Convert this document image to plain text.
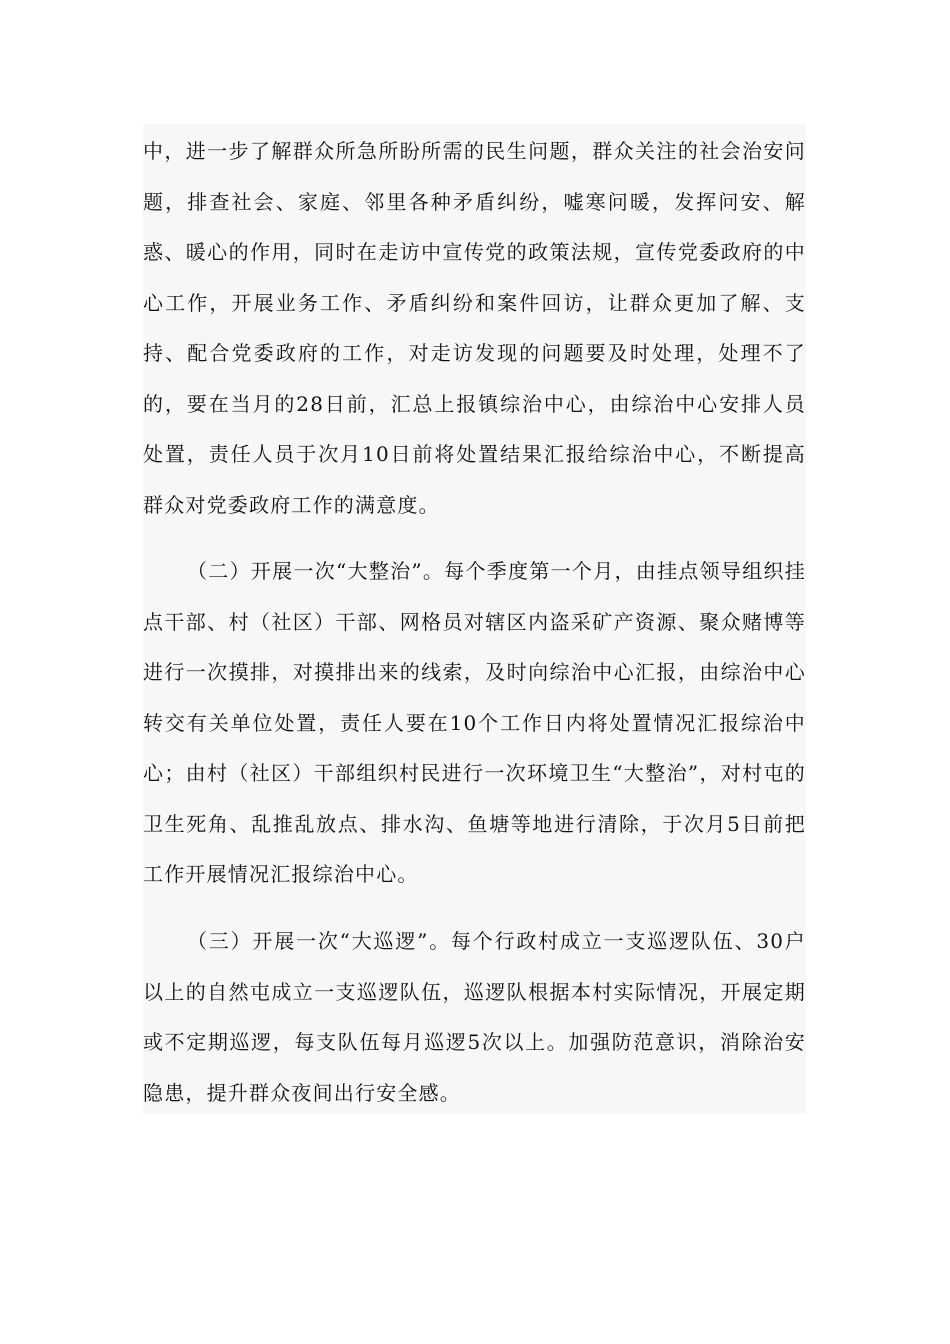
中，进一步了解群众所急所盼所需的民生问题，群众关注的社会治安问题，排查社会、家庭、邻里各种矛盾纠纷，嘘寒问暖，发挥问安、解惑、暖心的作用，同时在走访中宣传党的政策法规，宣传党委政府的中心工作，开展业务工作、矛盾纠纷和案件回访，让群众更加了解、支持、配合党委政府的工作，对走访发现的问题要及时处理，处理不了的，要在当月的28日前，汇总上报镇综治中心，由综治中心安排人员处置，责任人员于次月10日前将处置结果汇报给综治中心，不断提高群众对党委政府工作的满意度。

（二）开展一次“大整治”。每个季度第一个月，由挂点领导组织挂点干部、村（社区）干部、网格员对辖区内盗采矿产资源、聚众赌博等进行一次摸排，对摸排出来的线索，及时向综治中心汇报，由综治中心转交有关单位处置，责任人要在10个工作日内将处置情况汇报综治中心；由村（社区）干部组织村民进行一次环境卫生“大整治”，对村屯的卫生死角、乱推乱放点、排水沟、鱼塘等地进行清除，于次月5日前把工作开展情况汇报综治中心。

（三）开展一次“大巡逻”。每个行政村成立一支巡逻队伍、30户以上的自然屯成立一支巡逻队伍，巡逻队根据本村实际情况，开展定期或不定期巡逻，每支队伍每月巡逻5次以上。加强防范意识，消除治安隐患，提升群众夜间出行安全感。
